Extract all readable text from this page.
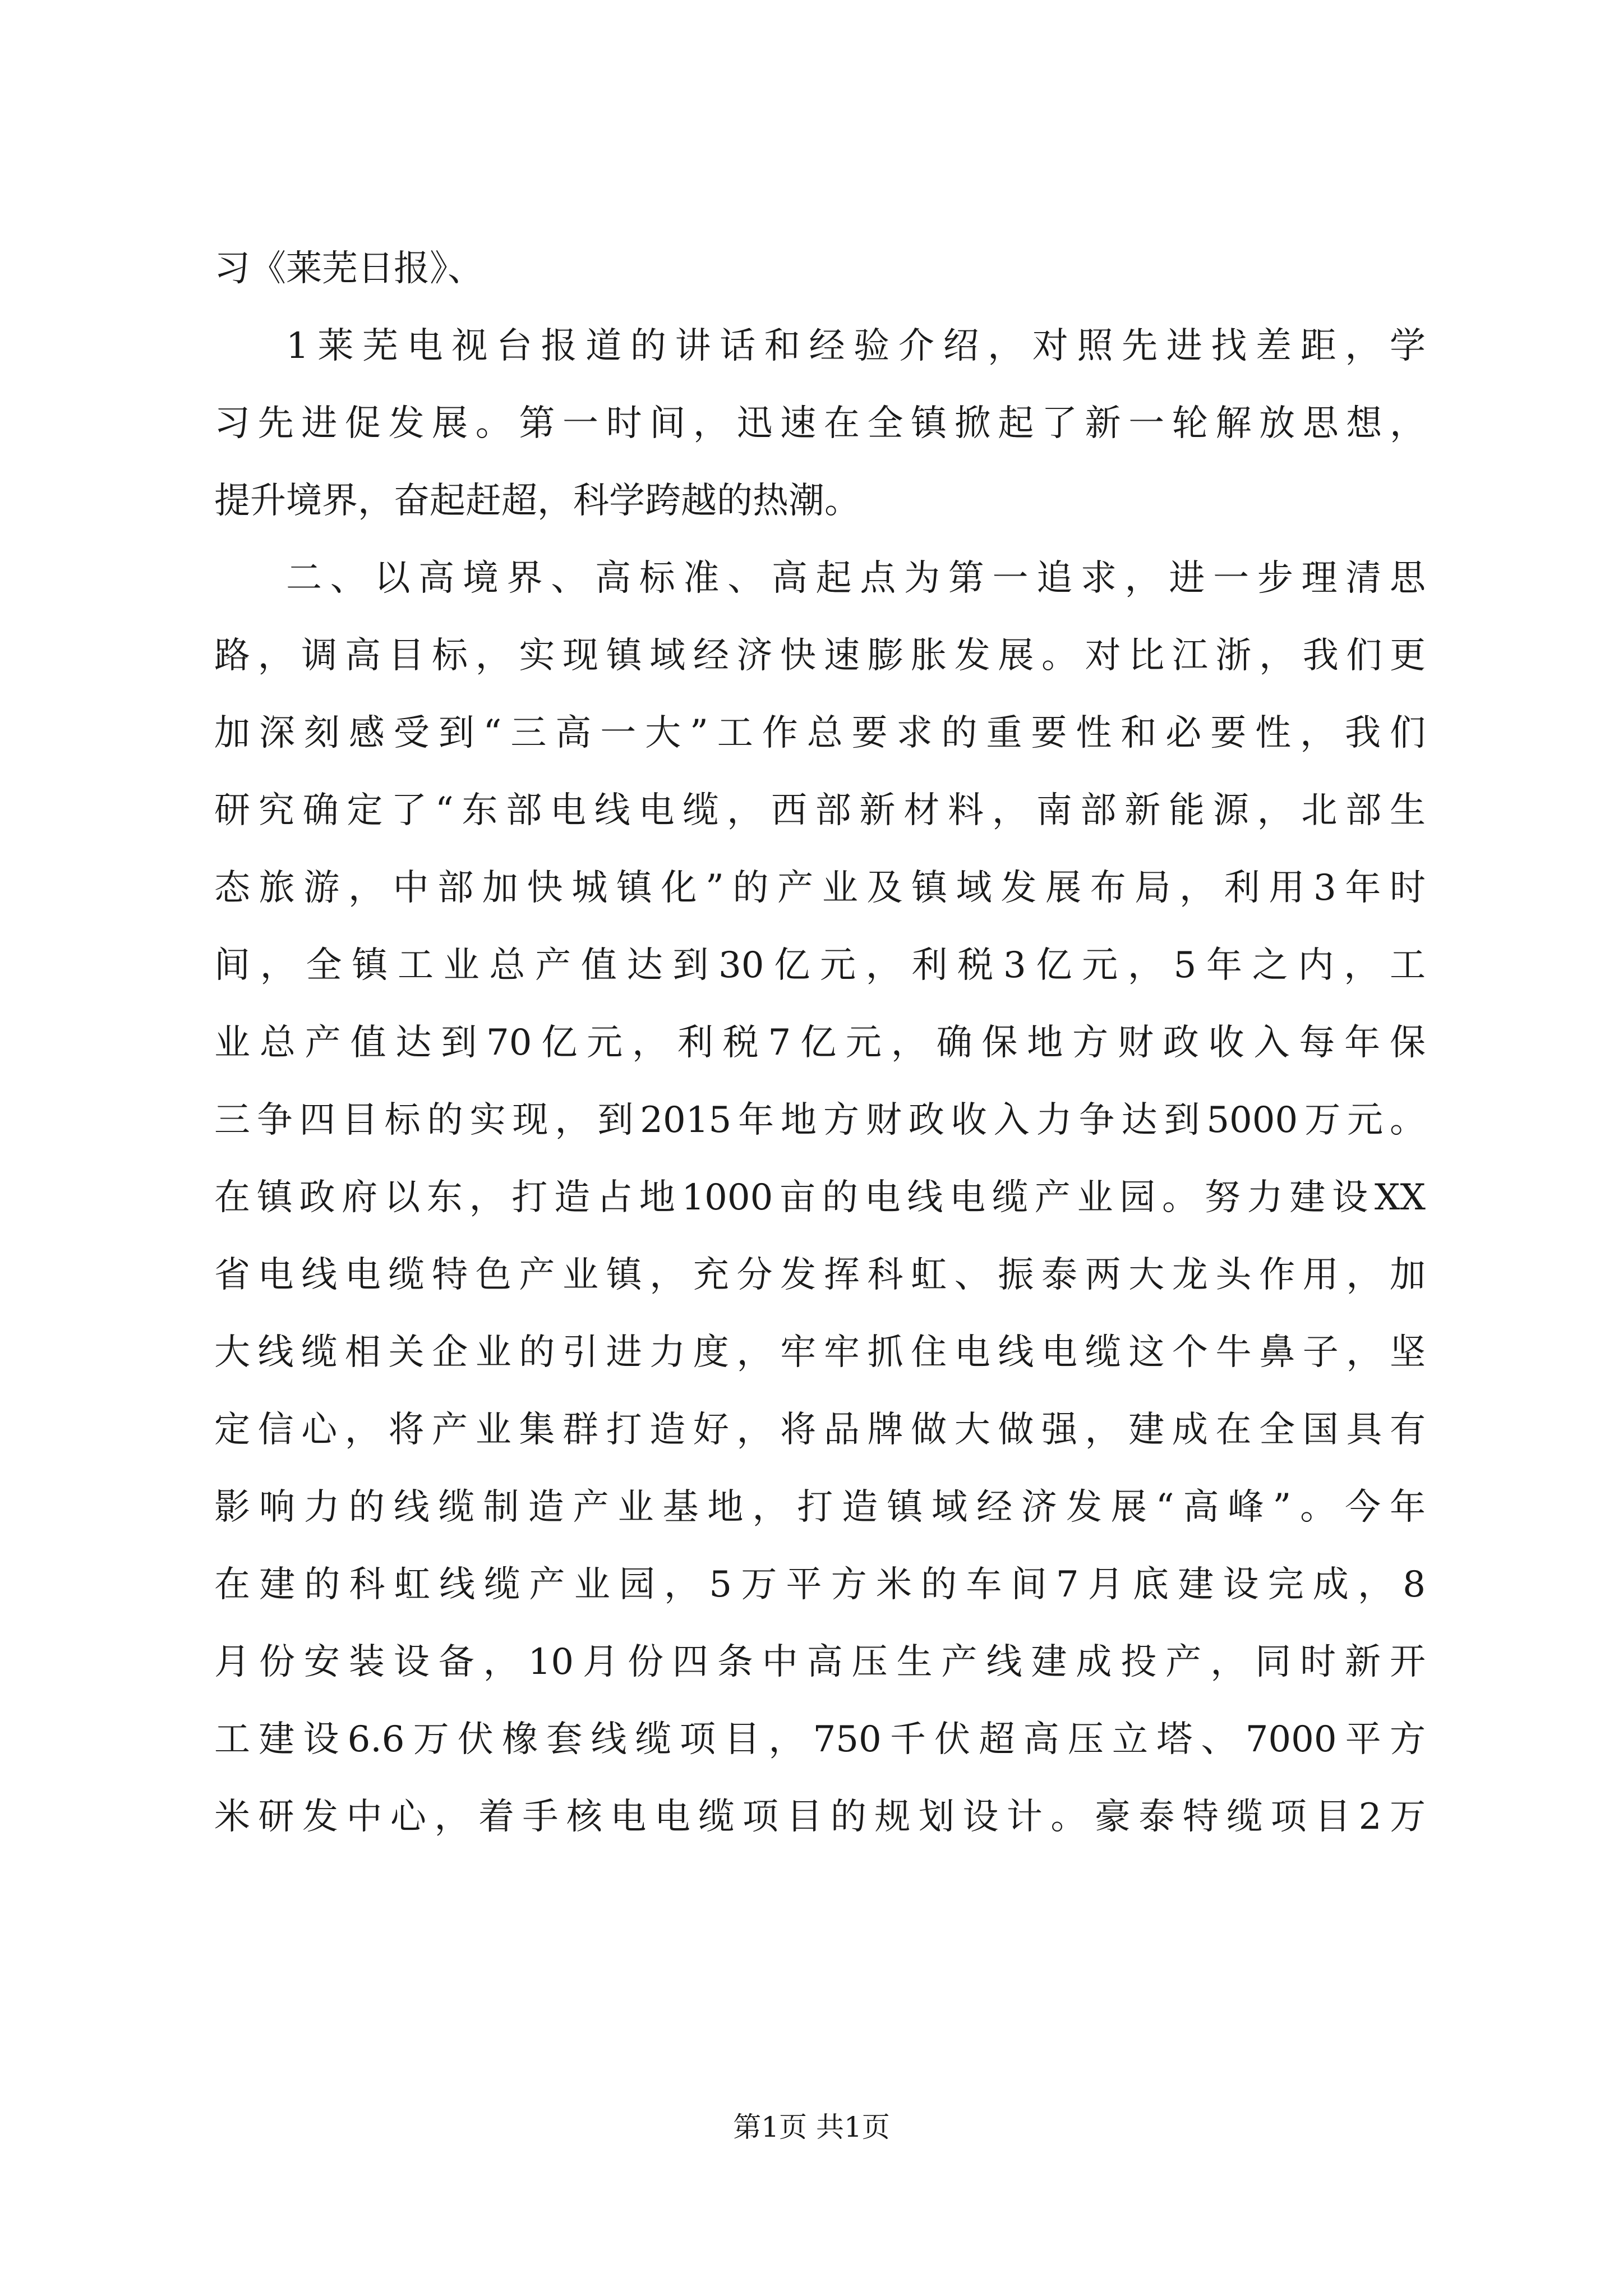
习《莱芜日报》、
1莱芜电视台报道的讲话和经验介绍，对照先进找差距，学
习先进促发展。第一时间，迅速在全镇掀起了新一轮解放思想，
提升境界，奋起赶超，科学跨越的热潮。
二、以高境界、高标准、高起点为第一追求，进一步理清思
路，调高目标，实现镇域经济快速膨胀发展。对比江浙，我们更
加深刻感受到“三高一大”工作总要求的重要性和必要性，我们
研究确定了“东部电线电缆，西部新材料，南部新能源，北部生
态旅游，中部加快城镇化”的产业及镇域发展布局，利用3年时
间，全镇工业总产值达到30亿元，利税3亿元，5年之内，工
业总产值达到70亿元，利税7亿元，确保地方财政收入每年保
三争四目标的实现，到2015年地方财政收入力争达到5000万元。
在镇政府以东，打造占地1000亩的电线电缆产业园。努力建设XX
省电线电缆特色产业镇，充分发挥科虹、振泰两大龙头作用，加
大线缆相关企业的引进力度，牢牢抓住电线电缆这个牛鼻子，坚
定信心，将产业集群打造好，将品牌做大做强，建成在全国具有
影响力的线缆制造产业基地，打造镇域经济发展“高峰”。今年
在建的科虹线缆产业园，5万平方米的车间7月底建设完成，8
月份安装设备，10月份四条中高压生产线建成投产，同时新开
工建设6.6万伏橡套线缆项目，750千伏超高压立塔、7000平方
米研发中心，着手核电电缆项目的规划设计。豪泰特缆项目2万
第1页 共1页
